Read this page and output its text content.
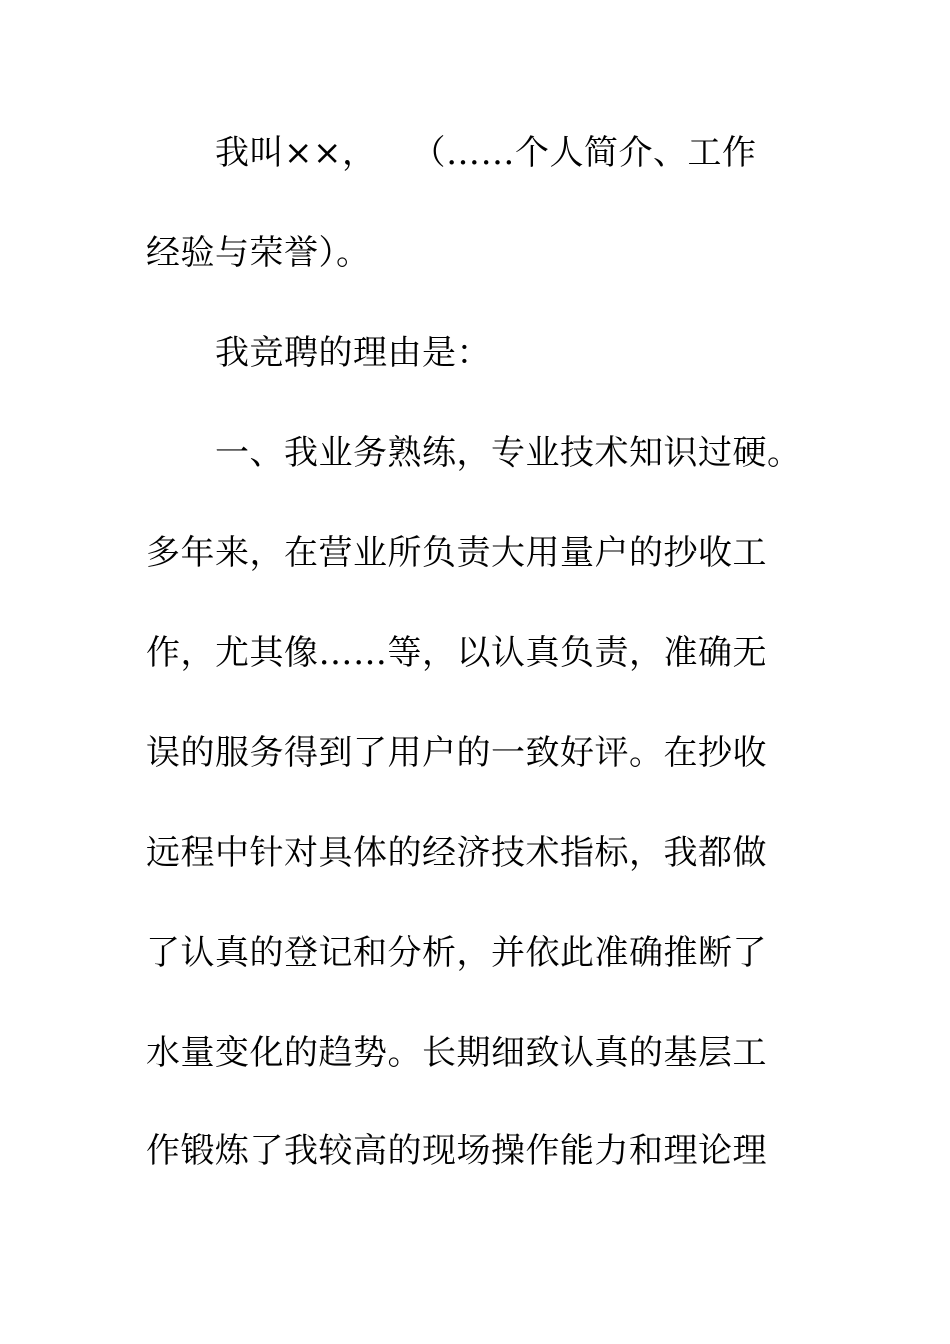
我叫××，　　（……个人简介、工作
经验与荣誉）。
我竞聘的理由是：
一、我业务熟练，专业技术知识过硬。
多年来，在营业所负责大用量户的抄收工
作，尤其像……等，以认真负责，准确无
误的服务得到了用户的一致好评。在抄收
远程中针对具体的经济技术指标，我都做
了认真的登记和分析，并依此准确推断了
水量变化的趋势。长期细致认真的基层工
作锻炼了我较高的现场操作能力和理论理
